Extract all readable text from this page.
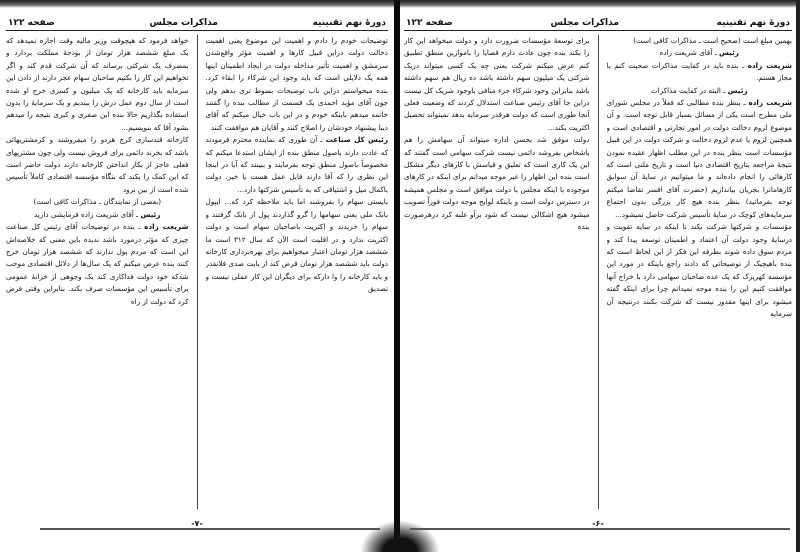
دورهٔ نهم تقنینیه
مذاکرات مجلس
صفحه ۱۲۲

توضیحات خودم را دادم و اهمیت این موضوع یعنی اهمیت دخالت دولت دراین قبیل کارها و اهمیت مؤثر واقع‌شدن سرمشق و اهمیت تأثیر مداخله دولت در ایجاد اطمینان اینها همه یک دلایلی است که باید وجود این شرکاء را ابقاء کرد. بنده میخواستم دراین باب توضیحات بسوط تری بدهم ولی چون آقای مؤید احمدی یک قسمت از مطالب بنده را گفتند خاتمه میدهم باینکه خودم و در این باب خیال میکنم که آقای دیبا پیشنهاد خودشان را اصلاح کنند و آقایان هم موافقت کنند

رئیس کل صناعت ـ آن طوری که نماینده محترم فرمودند که عادت دارند باصول منطق بنده از ایشان استدعا میکنم که مخصوصاً باصول منطق توجه بفرمایند و ببینند که آیا در اینجا این نظری را که آقا دارند قابل عمل هست یا خیر. دولت باکمال میل و اشتیاقی که به تأسیس شرکتها دارد...

بایستی سهام را بفروشند اما باید ملاحظه کرد که... ایپول بانک ملی یعنی سهامها را گرو گذاردند پول از بانک گرفتند و سهام را خریدند و اکثریت باصاحبان سهام است و دولت اکثریت ندارد و در اقلیت است الآن که سال ۳۱۲ است ما ششصد هزار تومان اعتبار میخواهیم برای بهره‌برداری کارخانه دولت باید ششصد هزار تومان قرض کند از بابت صدی فلانقدر و باید کارخانه را وا دارکه برای دیگران این کار عملی نیست و تصدیق

خواهد فرمود که هیچوقت وزیر مالیه وقت اجازه نمیدهد که یک مبلغ ششصد هزار تومان از بودجهٔ مملکت بردارد و بمصرف یک شرکتی برساند که آن شرکت قدم کند و اگر نخواهیم این کار را بکنیم صاحبان سهام عجز دارند از دادن این سرمایه باید کارخانه که یک میلیون و کسری خرج او شده است از سال دوم عمل درش را ببندیم و یک سرمایهٔ را بدون استفاده بگذاریم حالا بنده این صغری و کبری نتیجه را میدهم بشود آقا که بنویسیم...

کارخانه قندسازی کرج هردو را میفروشند و کرمشتریهائی باشد که بخرند دائمی برای فروش نیست ولی چون مشتریهای فعلی عاجز از بکار انداختن کارخانه دارند دولت حاضر است که این کمک را بکند که بنگاه مؤسسه اقتصادی کاملاً تأسیس شده است از بین نرود

(بعضی از نمایندگان ـ مذاکرات کافی است)

رئیس ـ آقای شریعت زاده فرمایشی دارید

شریعت زاده ـ بنده در توضیحات آقای رئیس کل صناعت چیزی که مؤثر درمورد باشد ندیده باین معنی که خلاصه‌اش این است که مردم پول ندارند که ششصد هزار تومان خرج کنند بنده عرض میکنم که یک سال‌ها از دلائل اقتصادی موجب شدکه خود دولت فداکاری کند یک وجوهی از خزانهٔ عمومی برای تأسیس این مؤسسات صرف بکند. بنابراین وقتی فرض کرد که دولت از راه

-۷-
دورهٔ نهم تقنینیه
مذاکرات مجلس
صفحه ۱۲۲

بهمین مبلغ است (صحیح است ـ مذاکرات کافی است)

رئیس ـ آقای شریعت زاده

شریعت زاده ـ بنده باید در کفایت مذاکرات صحبت کنم یا مجاز هستم.

رئیس ـ البته در کفایت مذاکرات

شریعت زاده ـ بنظر بنده مطالبی که فعلاً در مجلس شورای ملی مطرح است یکی از مسائل بسیار قابل توجه است. و آن موضوع لزوم دخالت دولت در امور تجارتی و اقتصادی است و همچنین لزوم یا عدم لزوم دخالت و شرکت دولت در این قبیل مؤسسات است بنظر بنده در این مطلب اظهار عقیده نمودن نتیجهٔ مراجعه بتاریخ اقتصادی دنیا است و تاریخ ملتی است که کارهائی را انجام داده‌اند و ما میتوانیم در سایهٔ آن سوابق کارهامانرا بجریان بیاندازیم (حضرت آقای افسر تقاضا میکنم توجه بفرمائید) بنظر بنده هیچ کار بزرگی بدون اجتماع سرمایه‌های کوچک در سایهٔ تأسیس شرکت حاصل نمیشود...

مؤسسات و شرکتها شرکت بکند تا اینکه در سایه تقویت و درسایهٔ وجود دولت آن اعتماد و اطمینان توسعه پیدا کند و مردم سوق داده شوند بطرفه این فکر از این لحاظ است که بنده باهیچیک از توضیحاتی که دادند راجع باینکه در مورد این مؤسسه کهریزک که یک عده صاحبان سهامی دارد با خراج آنها موافقت کنیم این را بنده موجه نمیدانم چرا برای اینکه گفته میشود برای اینها مقدور نیست که شرکت بکنند درنتیجه آن سرمایه

برای توسعهٔ مؤسسات ضرورت دارد و دولت میخواهد این کار را بکند بنده چون عادت دارم قضایا را باموازین منطق تطبیق کنم عرض میکنم شرکت یعنی چه یک کسی میتواند دریک شرکتی یک میلیون سهم داشته باشد ده ریال هم سهم داشته باشد بنابراین وجود شرکاء جزء منافی باوجود شریک کل نیست دراین جا آقای رئیس صناعت استدلال کردند که وضعیت فعلی آنجا طوری است که دولت هرقدر سرمایه بدهد نمیتواند تحصیل اکثریت بکند...

دولت موفق شد بحسن اداره میتواند آن سهامش را هم باشخاص بفروشد دائمی نیست شرکت سهامی است گفتند که این یک کاری است که تعلیق و قیاسش با کارهای دیگر مشکل است بنده این اظهار را غیر موجه میدانم برای اینکه در کارهای موجوده با اینکه مجلس با دولت موافق است و مجلس همیشه در دسترس دولت است و باینکه لوایح موجه دولت فوراً تصویب میشود هیچ اشکالی نیست که شود برآو غلبه کرد درهرصورت بنده

-۶-
